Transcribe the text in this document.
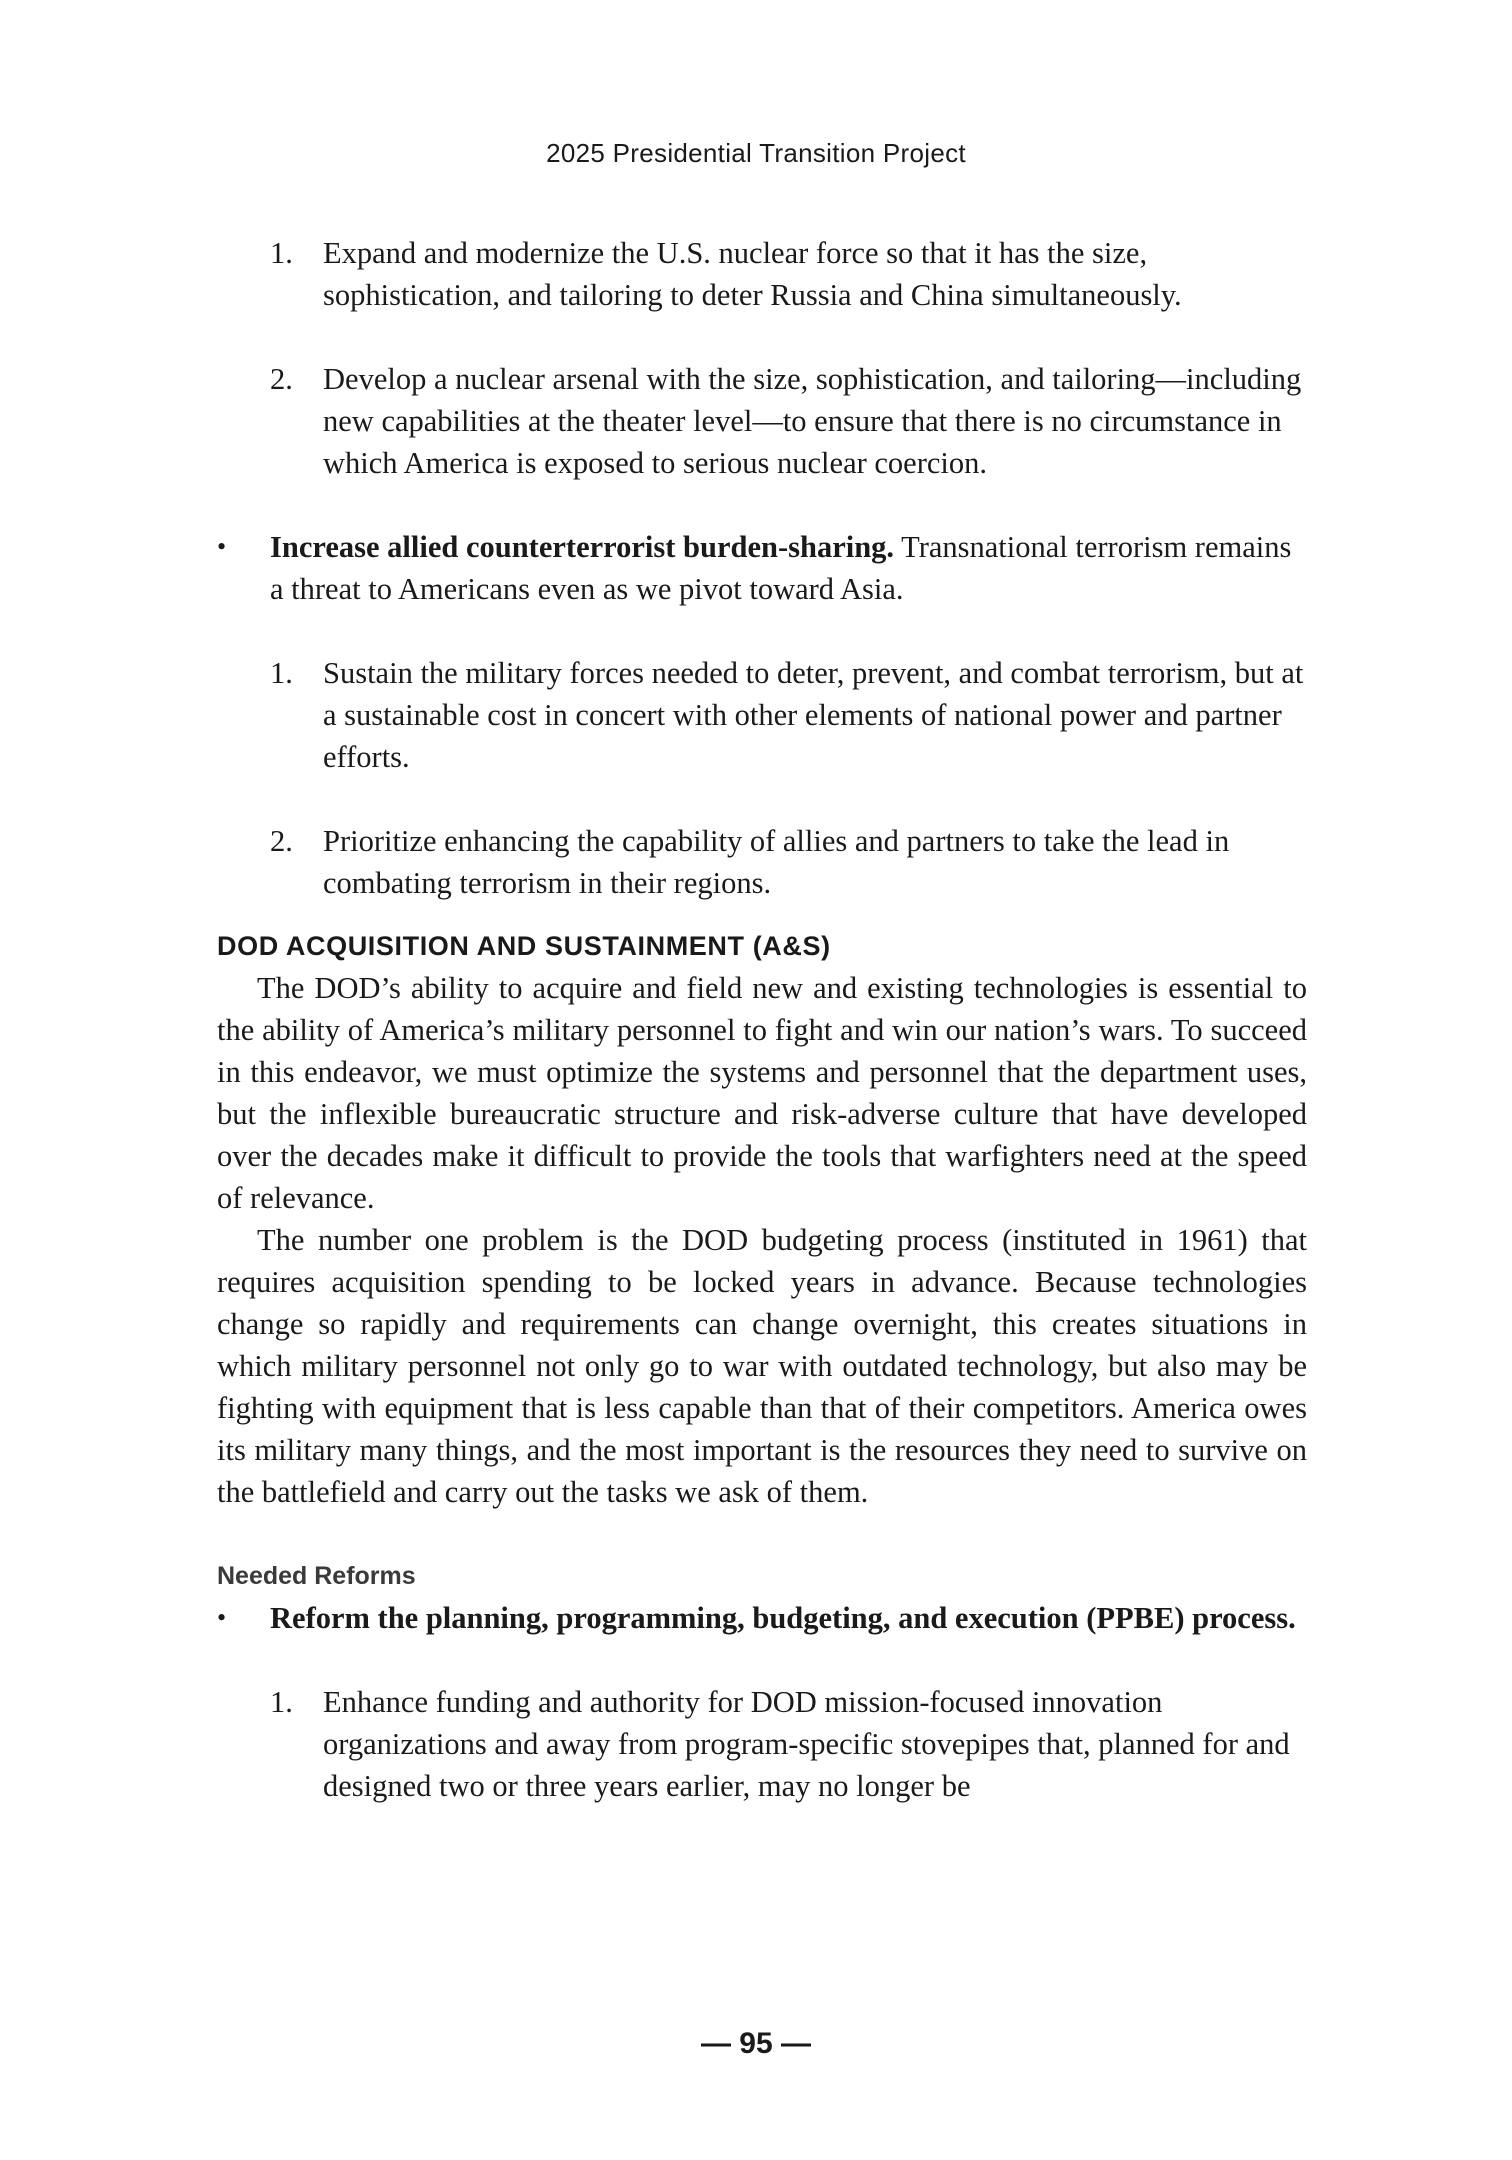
2025 Presidential Transition Project

1. Expand and modernize the U.S. nuclear force so that it has the size, sophistication, and tailoring to deter Russia and China simultaneously.

2. Develop a nuclear arsenal with the size, sophistication, and tailoring—including new capabilities at the theater level—to ensure that there is no circumstance in which America is exposed to serious nuclear coercion.

• Increase allied counterterrorist burden-sharing. Transnational terrorism remains a threat to Americans even as we pivot toward Asia.

1. Sustain the military forces needed to deter, prevent, and combat terrorism, but at a sustainable cost in concert with other elements of national power and partner efforts.

2. Prioritize enhancing the capability of allies and partners to take the lead in combating terrorism in their regions.

DOD ACQUISITION AND SUSTAINMENT (A&S)

The DOD’s ability to acquire and field new and existing technologies is essential to the ability of America’s military personnel to fight and win our nation’s wars. To succeed in this endeavor, we must optimize the systems and personnel that the department uses, but the inflexible bureaucratic structure and risk-adverse culture that have developed over the decades make it difficult to provide the tools that warfighters need at the speed of relevance.

The number one problem is the DOD budgeting process (instituted in 1961) that requires acquisition spending to be locked years in advance. Because technologies change so rapidly and requirements can change overnight, this creates situations in which military personnel not only go to war with outdated technology, but also may be fighting with equipment that is less capable than that of their competitors. America owes its military many things, and the most important is the resources they need to survive on the battlefield and carry out the tasks we ask of them.

Needed Reforms

• Reform the planning, programming, budgeting, and execution (PPBE) process.

1. Enhance funding and authority for DOD mission-focused innovation organizations and away from program-specific stovepipes that, planned for and designed two or three years earlier, may no longer be

— 95 —
